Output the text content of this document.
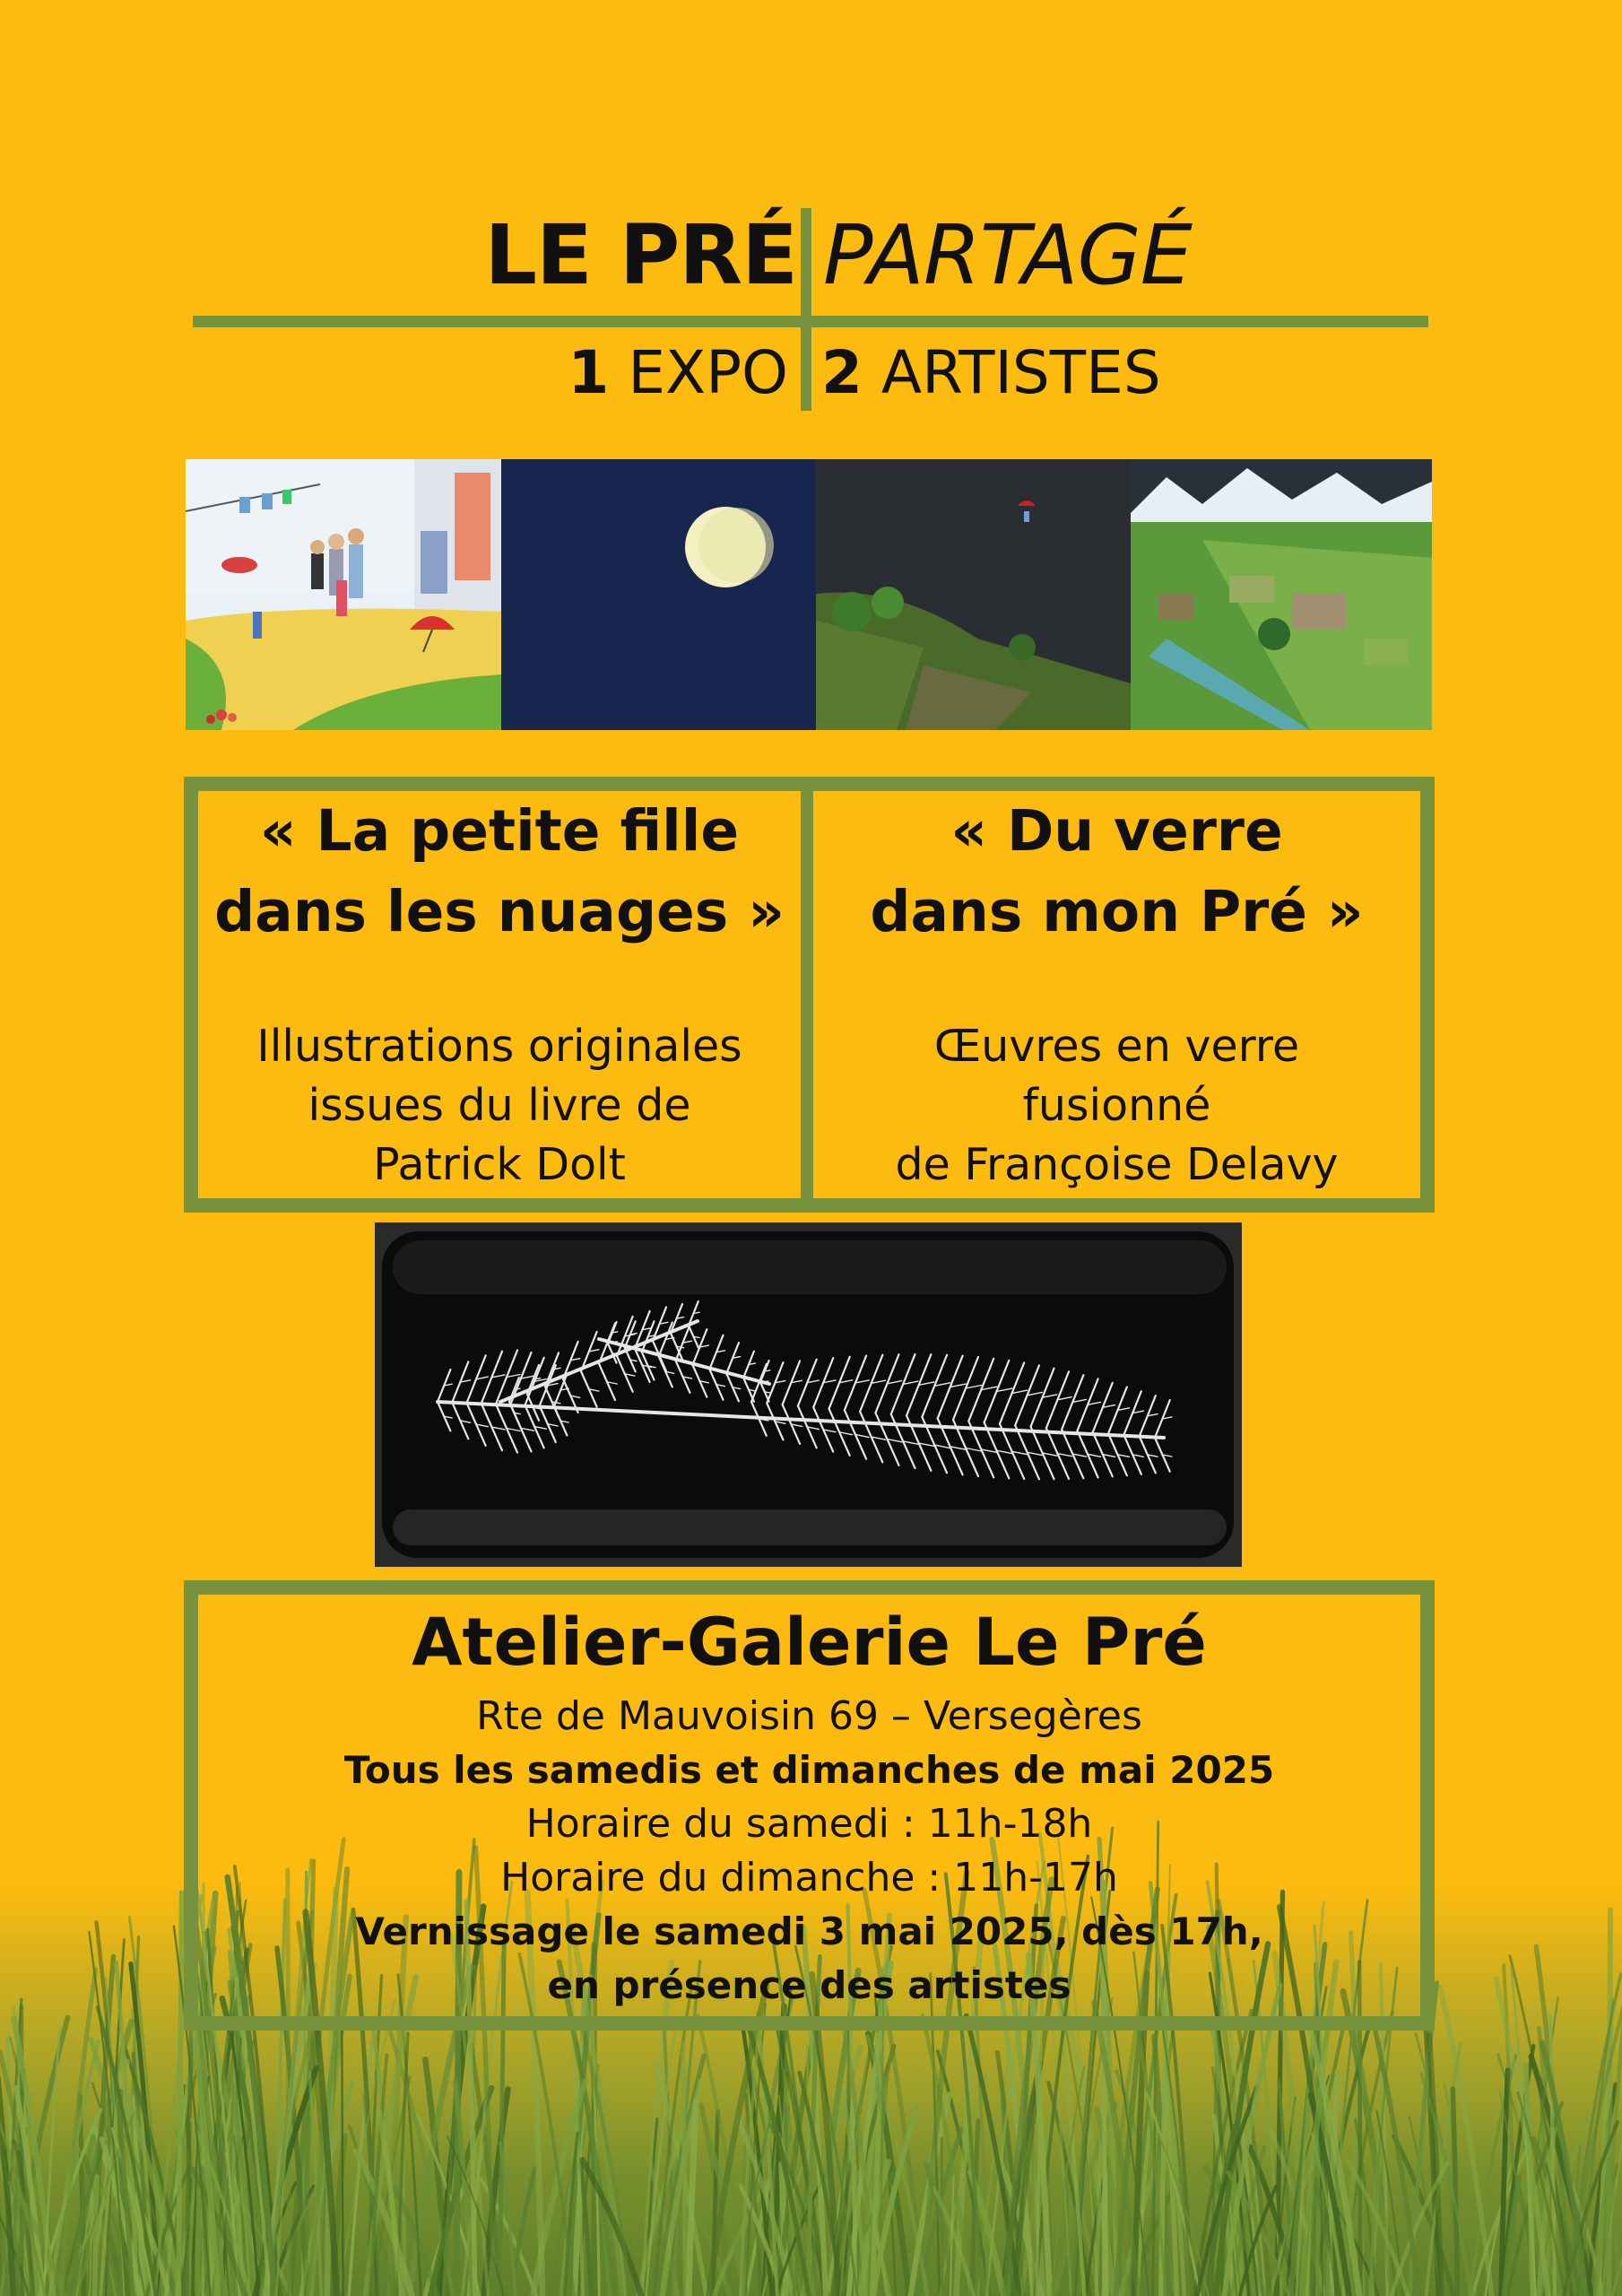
LE PRÉ PARTAGÉ
1 EXPO 2 ARTISTES
« La petite fille
dans les nuages »
Illustrations originales
issues du livre de
Patrick Dolt
« Du verre
dans mon Pré »
Œuvres en verre
fusionné
de Françoise Delavy
Atelier-Galerie Le Pré
Rte de Mauvoisin 69 – Versegères
Tous les samedis et dimanches de mai 2025
Horaire du samedi : 11h-18h
Horaire du dimanche : 11h-17h
Vernissage le samedi 3 mai 2025, dès 17h,
en présence des artistes
